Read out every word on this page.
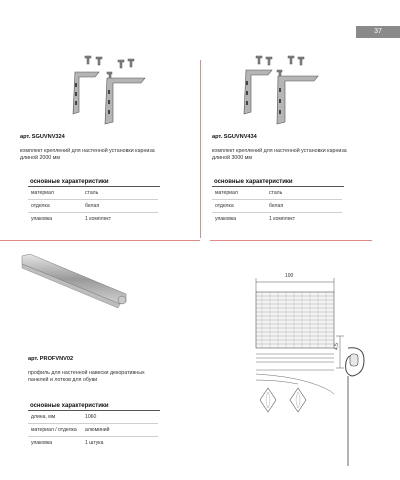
37
арт. SGUVNV324
комплект креплений для настенной установки карниза длиной 2000 мм
основные характеристики
материал	сталь
отделка	белая
упаковка	1 комплект
арт. SGUVNV434
комплект креплений для настенной установки карниза длиной 3000 мм
основные характеристики
материал	сталь
отделка	белая
упаковка	1 комплект
арт. PROFVNV02
профиль для настенной навески декоративных панелей и лотков для обуви
основные характеристики
длина, мм	1060
материал / отделка	алюминий
упаковка	1 штука
100
4,5
